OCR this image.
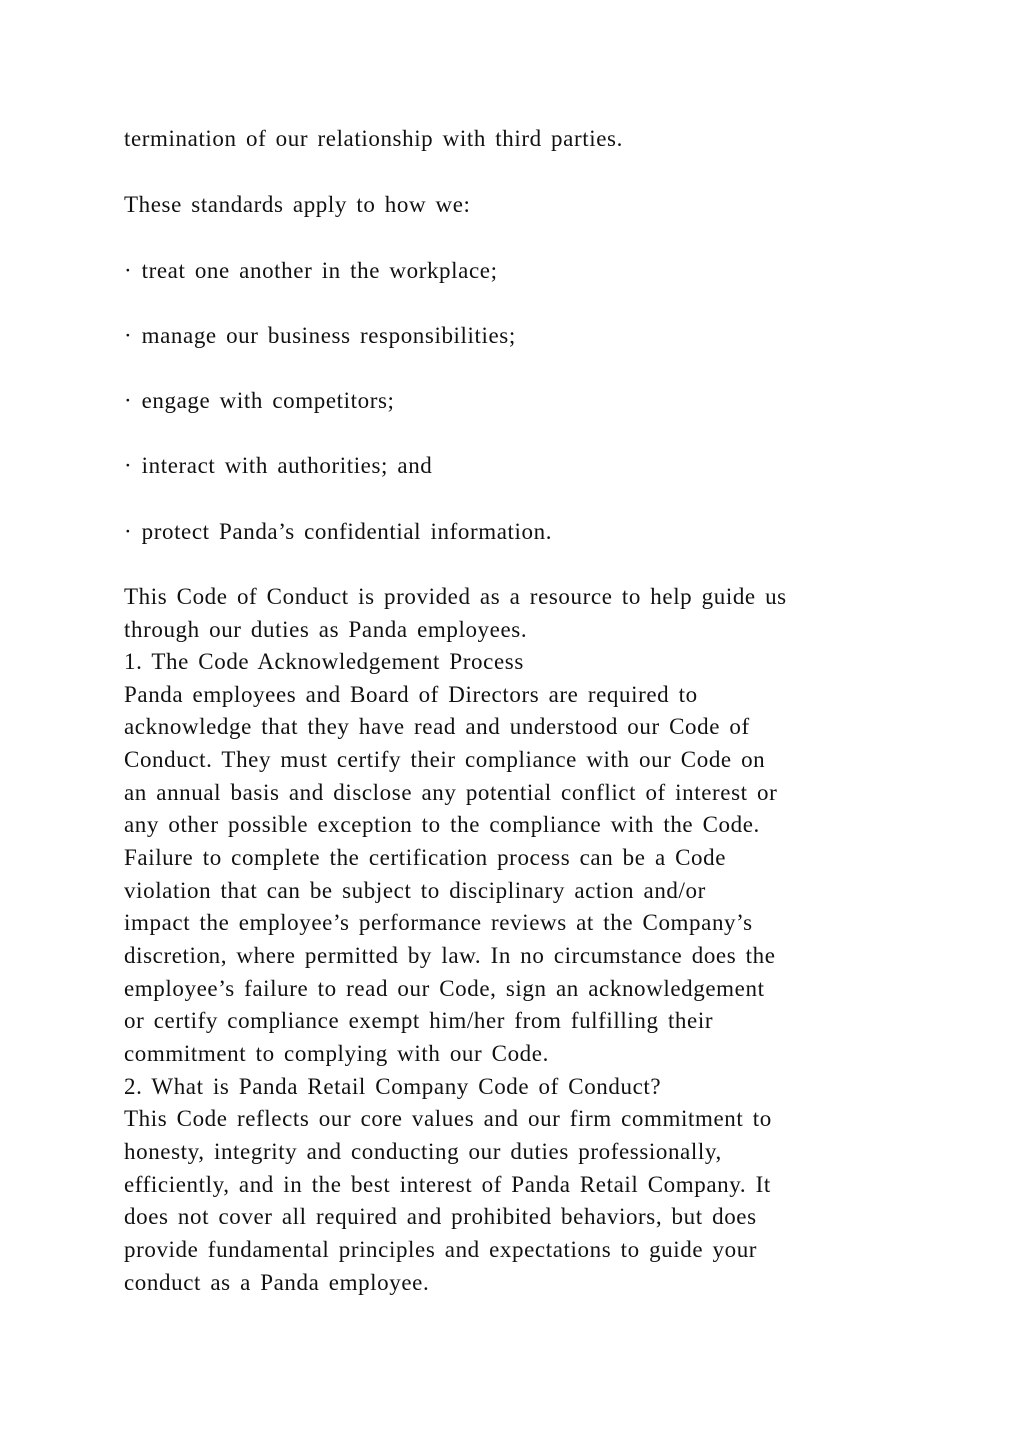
termination of our relationship with third parties.
These standards apply to how we:
· treat one another in the workplace;
· manage our business responsibilities;
· engage with competitors;
· interact with authorities; and
· protect Panda’s confidential information.
This Code of Conduct is provided as a resource to help guide us
through our duties as Panda employees.
1. The Code Acknowledgement Process
Panda employees and Board of Directors are required to
acknowledge that they have read and understood our Code of
Conduct. They must certify their compliance with our Code on
an annual basis and disclose any potential conflict of interest or
any other possible exception to the compliance with the Code.
Failure to complete the certification process can be a Code
violation that can be subject to disciplinary action and/or
impact the employee’s performance reviews at the Company’s
discretion, where permitted by law. In no circumstance does the
employee’s failure to read our Code, sign an acknowledgement
or certify compliance exempt him/her from fulfilling their
commitment to complying with our Code.
2. What is Panda Retail Company Code of Conduct?
This Code reflects our core values and our firm commitment to
honesty, integrity and conducting our duties professionally,
efficiently, and in the best interest of Panda Retail Company. It
does not cover all required and prohibited behaviors, but does
provide fundamental principles and expectations to guide your
conduct as a Panda employee.
